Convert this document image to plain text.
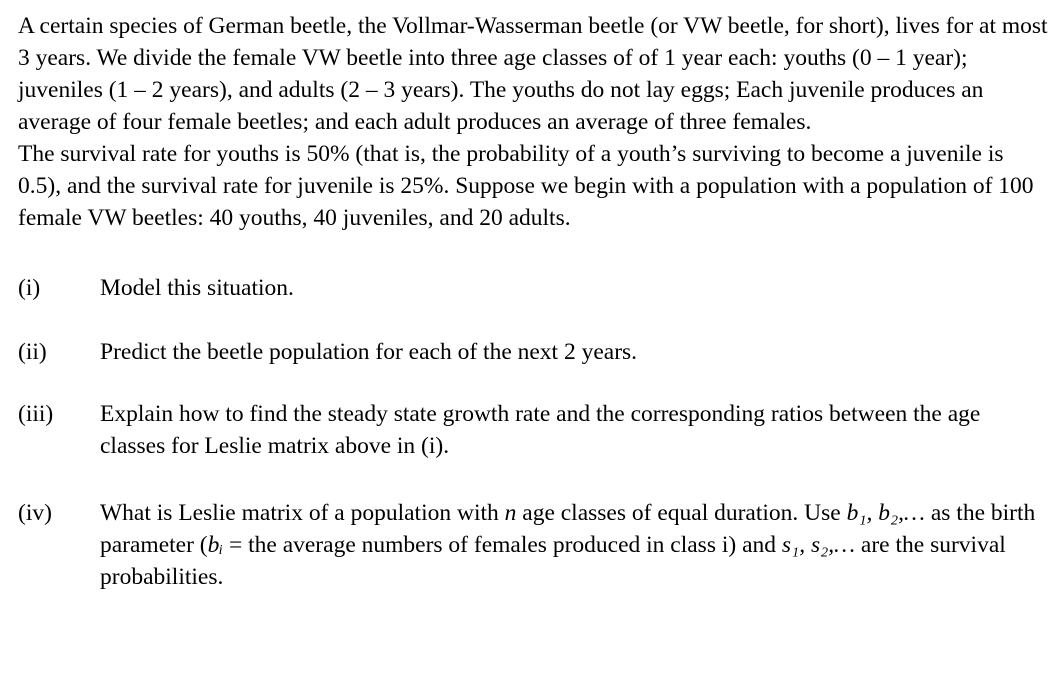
A certain species of German beetle, the Vollmar-Wasserman beetle (or VW beetle, for short), lives for at most 3 years. We divide the female VW beetle into three age classes of of 1 year each: youths (0 – 1 year); juveniles (1 – 2 years), and adults (2 – 3 years). The youths do not lay eggs; Each juvenile produces an average of four female beetles; and each adult produces an average of three females.

The survival rate for youths is 50% (that is, the probability of a youth’s surviving to become a juvenile is 0.5), and the survival rate for juvenile is 25%. Suppose we begin with a population with a population of 100 female VW beetles: 40 youths, 40 juveniles, and 20 adults.

(i)	Model this situation.
(ii)	Predict the beetle population for each of the next 2 years.
(iii)	Explain how to find the steady state growth rate and the corresponding ratios between the age classes for Leslie matrix above in (i).
(iv)	What is Leslie matrix of a population with n age classes of equal duration. Use b₁, b₂,… as the birth parameter (bᵢ = the average numbers of females produced in class i) and s₁, s₂,… are the survival probabilities.
